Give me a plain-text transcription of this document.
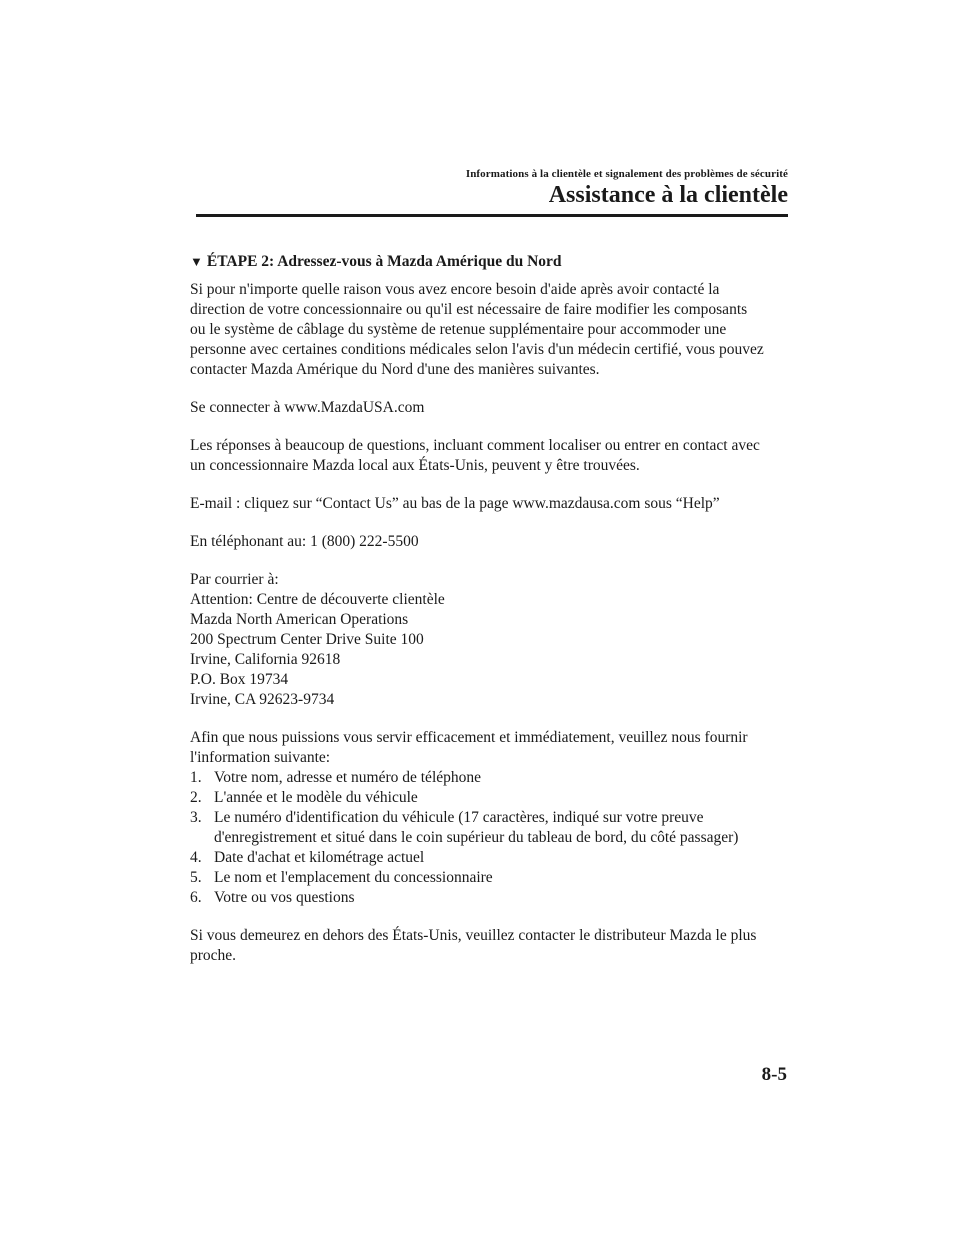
Informations à la clientèle et signalement des problèmes de sécurité
Assistance à la clientèle
▼ ÉTAPE 2: Adressez-vous à Mazda Amérique du Nord
Si pour n'importe quelle raison vous avez encore besoin d'aide après avoir contacté la
direction de votre concessionnaire ou qu'il est nécessaire de faire modifier les composants
ou le système de câblage du système de retenue supplémentaire pour accommoder une
personne avec certaines conditions médicales selon l'avis d'un médecin certifié, vous pouvez
contacter Mazda Amérique du Nord d'une des manières suivantes.
Se connecter à www.MazdaUSA.com
Les réponses à beaucoup de questions, incluant comment localiser ou entrer en contact avec
un concessionnaire Mazda local aux États-Unis, peuvent y être trouvées.
E-mail : cliquez sur “Contact Us” au bas de la page www.mazdausa.com sous “Help”
En téléphonant au: 1 (800) 222-5500
Par courrier à:
Attention: Centre de découverte clientèle
Mazda North American Operations
200 Spectrum Center Drive Suite 100
Irvine, California 92618
P.O. Box 19734
Irvine, CA 92623-9734
Afin que nous puissions vous servir efficacement et immédiatement, veuillez nous fournir
l'information suivante:
1. Votre nom, adresse et numéro de téléphone
2. L'année et le modèle du véhicule
3. Le numéro d'identification du véhicule (17 caractères, indiqué sur votre preuve
d'enregistrement et situé dans le coin supérieur du tableau de bord, du côté passager)
4. Date d'achat et kilométrage actuel
5. Le nom et l'emplacement du concessionnaire
6. Votre ou vos questions
Si vous demeurez en dehors des États-Unis, veuillez contacter le distributeur Mazda le plus
proche.
8-5
